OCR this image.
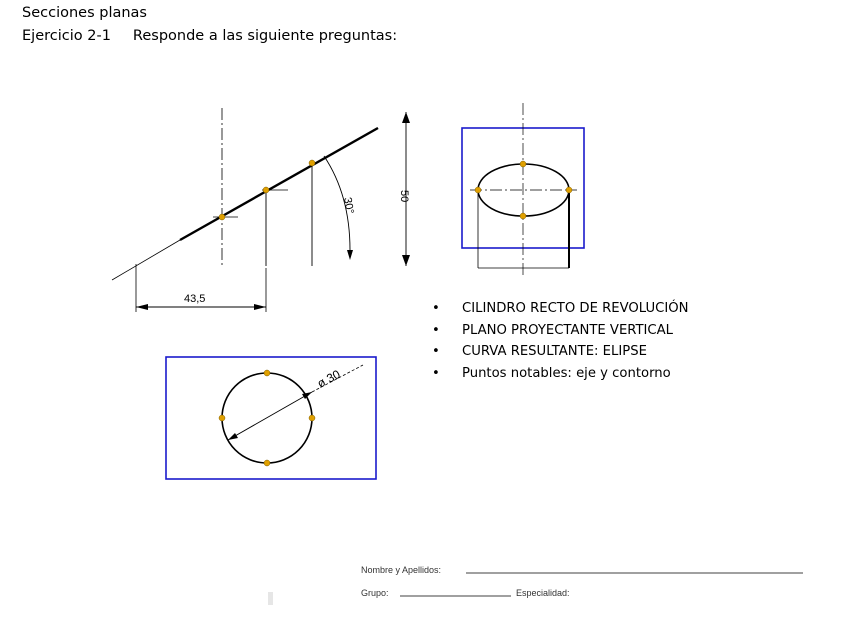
Secciones planas
Ejercicio 2-1 Responde a las siguiente preguntas:
43,5
50
30°
ø 30
• CILINDRO RECTO DE REVOLUCIÓN
• PLANO PROYECTANTE VERTICAL
• CURVA RESULTANTE: ELIPSE
• Puntos notables: eje y contorno
Nombre y Apellidos:
Grupo:	Especialidad:
